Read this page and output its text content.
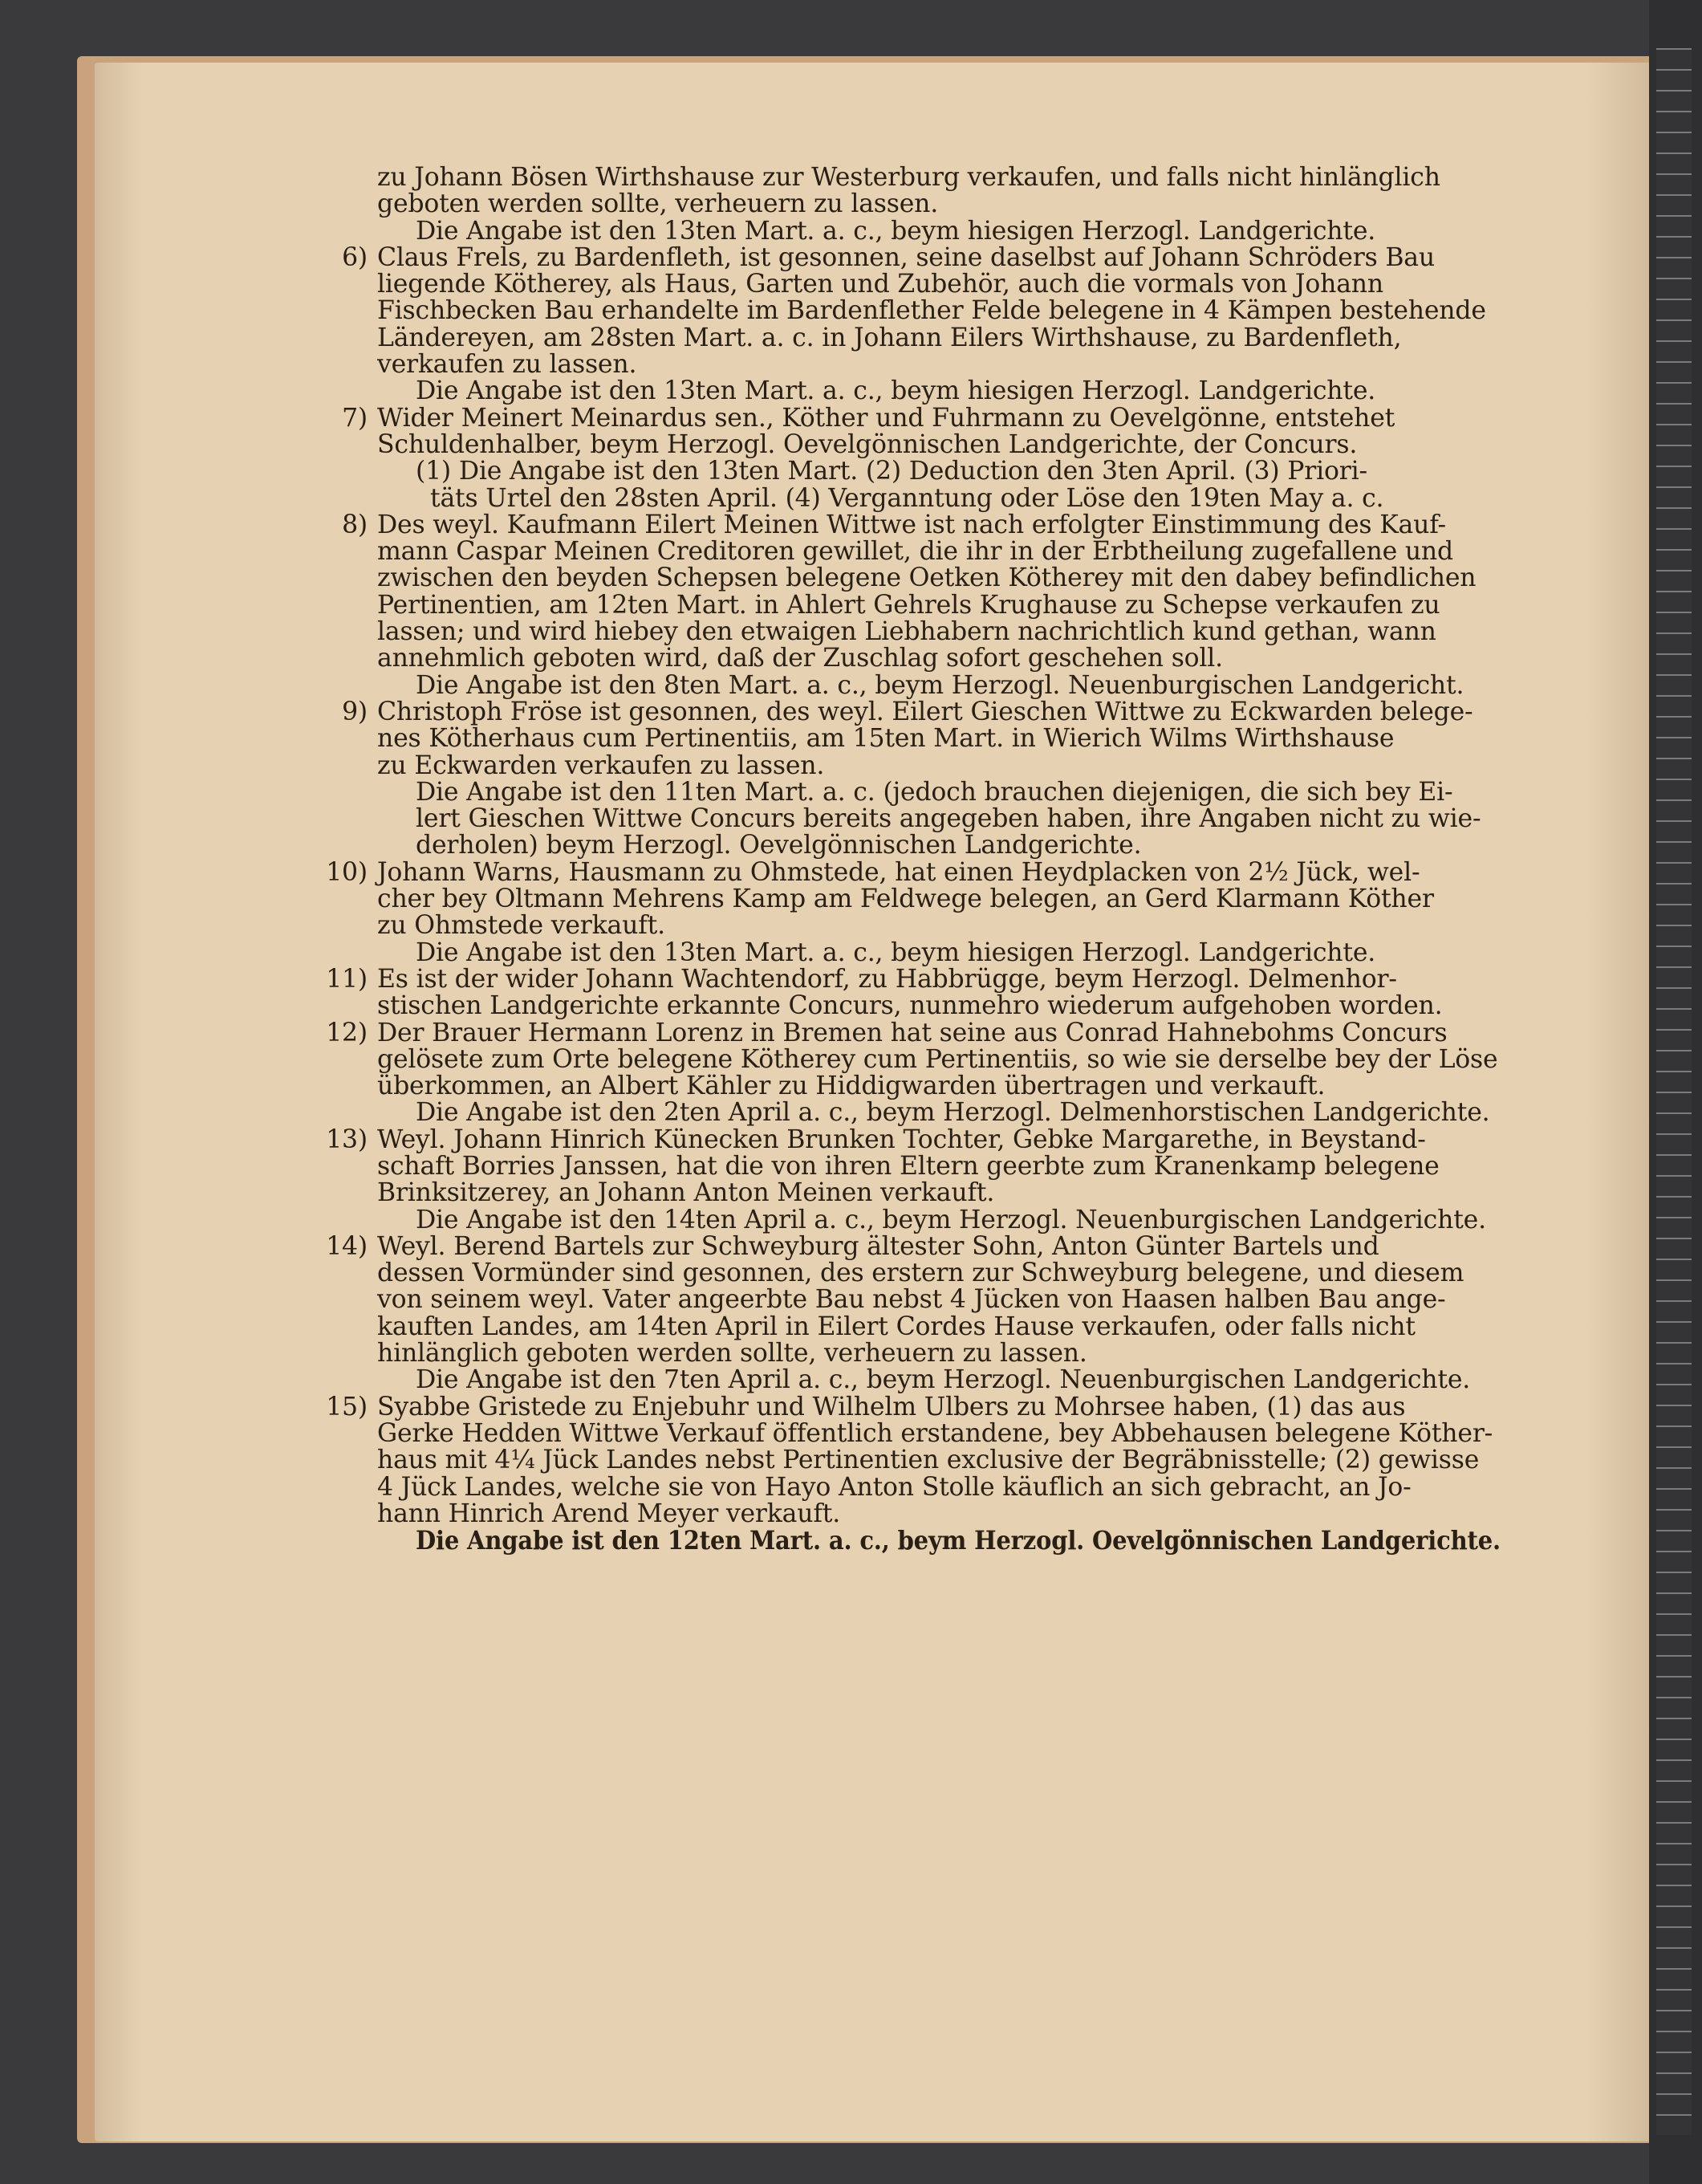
zu Johann Bösen Wirthshause zur Westerburg verkaufen, und falls nicht hinlänglich
geboten werden sollte, verheuern zu lassen.
Die Angabe ist den 13ten Mart. a. c., beym hiesigen Herzogl. Landgerichte.
6) Claus Frels, zu Bardenfleth, ist gesonnen, seine daselbst auf Johann Schröders Bau
liegende Kötherey, als Haus, Garten und Zubehör, auch die vormals von Johann
Fischbecken Bau erhandelte im Bardenflether Felde belegene in 4 Kämpen bestehende
Ländereyen, am 28sten Mart. a. c. in Johann Eilers Wirthshause, zu Bardenfleth,
verkaufen zu lassen.
Die Angabe ist den 13ten Mart. a. c., beym hiesigen Herzogl. Landgerichte.
7) Wider Meinert Meinardus sen., Köther und Fuhrmann zu Oevelgönne, entstehet
Schuldenhalber, beym Herzogl. Oevelgönnischen Landgerichte, der Concurs.
(1) Die Angabe ist den 13ten Mart. (2) Deduction den 3ten April. (3) Priori-
täts Urtel den 28sten April. (4) Verganntung oder Löse den 19ten May a. c.
8) Des weyl. Kaufmann Eilert Meinen Wittwe ist nach erfolgter Einstimmung des Kauf-
mann Caspar Meinen Creditoren gewillet, die ihr in der Erbtheilung zugefallene und
zwischen den beyden Schepsen belegene Oetken Kötherey mit den dabey befindlichen
Pertinentien, am 12ten Mart. in Ahlert Gehrels Krughause zu Schepse verkaufen zu
lassen; und wird hiebey den etwaigen Liebhabern nachrichtlich kund gethan, wann
annehmlich geboten wird, daß der Zuschlag sofort geschehen soll.
Die Angabe ist den 8ten Mart. a. c., beym Herzogl. Neuenburgischen Landgericht.
9) Christoph Fröse ist gesonnen, des weyl. Eilert Gieschen Wittwe zu Eckwarden belege-
nes Kötherhaus cum Pertinentiis, am 15ten Mart. in Wierich Wilms Wirthshause
zu Eckwarden verkaufen zu lassen.
Die Angabe ist den 11ten Mart. a. c. (jedoch brauchen diejenigen, die sich bey Ei-
lert Gieschen Wittwe Concurs bereits angegeben haben, ihre Angaben nicht zu wie-
derholen) beym Herzogl. Oevelgönnischen Landgerichte.
10) Johann Warns, Hausmann zu Ohmstede, hat einen Heydplacken von 2½ Jück, wel-
cher bey Oltmann Mehrens Kamp am Feldwege belegen, an Gerd Klarmann Köther
zu Ohmstede verkauft.
Die Angabe ist den 13ten Mart. a. c., beym hiesigen Herzogl. Landgerichte.
11) Es ist der wider Johann Wachtendorf, zu Habbrügge, beym Herzogl. Delmenhor-
stischen Landgerichte erkannte Concurs, nunmehro wiederum aufgehoben worden.
12) Der Brauer Hermann Lorenz in Bremen hat seine aus Conrad Hahnebohms Concurs
gelösete zum Orte belegene Kötherey cum Pertinentiis, so wie sie derselbe bey der Löse
überkommen, an Albert Kähler zu Hiddigwarden übertragen und verkauft.
Die Angabe ist den 2ten April a. c., beym Herzogl. Delmenhorstischen Landgerichte.
13) Weyl. Johann Hinrich Künecken Brunken Tochter, Gebke Margarethe, in Beystand-
schaft Borries Janssen, hat die von ihren Eltern geerbte zum Kranenkamp belegene
Brinksitzerey, an Johann Anton Meinen verkauft.
Die Angabe ist den 14ten April a. c., beym Herzogl. Neuenburgischen Landgerichte.
14) Weyl. Berend Bartels zur Schweyburg ältester Sohn, Anton Günter Bartels und
dessen Vormünder sind gesonnen, des erstern zur Schweyburg belegene, und diesem
von seinem weyl. Vater angeerbte Bau nebst 4 Jücken von Haasen halben Bau ange-
kauften Landes, am 14ten April in Eilert Cordes Hause verkaufen, oder falls nicht
hinlänglich geboten werden sollte, verheuern zu lassen.
Die Angabe ist den 7ten April a. c., beym Herzogl. Neuenburgischen Landgerichte.
15) Syabbe Gristede zu Enjebuhr und Wilhelm Ulbers zu Mohrsee haben, (1) das aus
Gerke Hedden Wittwe Verkauf öffentlich erstandene, bey Abbehausen belegene Köther-
haus mit 4¼ Jück Landes nebst Pertinentien exclusive der Begräbnisstelle; (2) gewisse
4 Jück Landes, welche sie von Hayo Anton Stolle käuflich an sich gebracht, an Jo-
hann Hinrich Arend Meyer verkauft.
Die Angabe ist den 12ten Mart. a. c., beym Herzogl. Oevelgönnischen Landgerichte.
